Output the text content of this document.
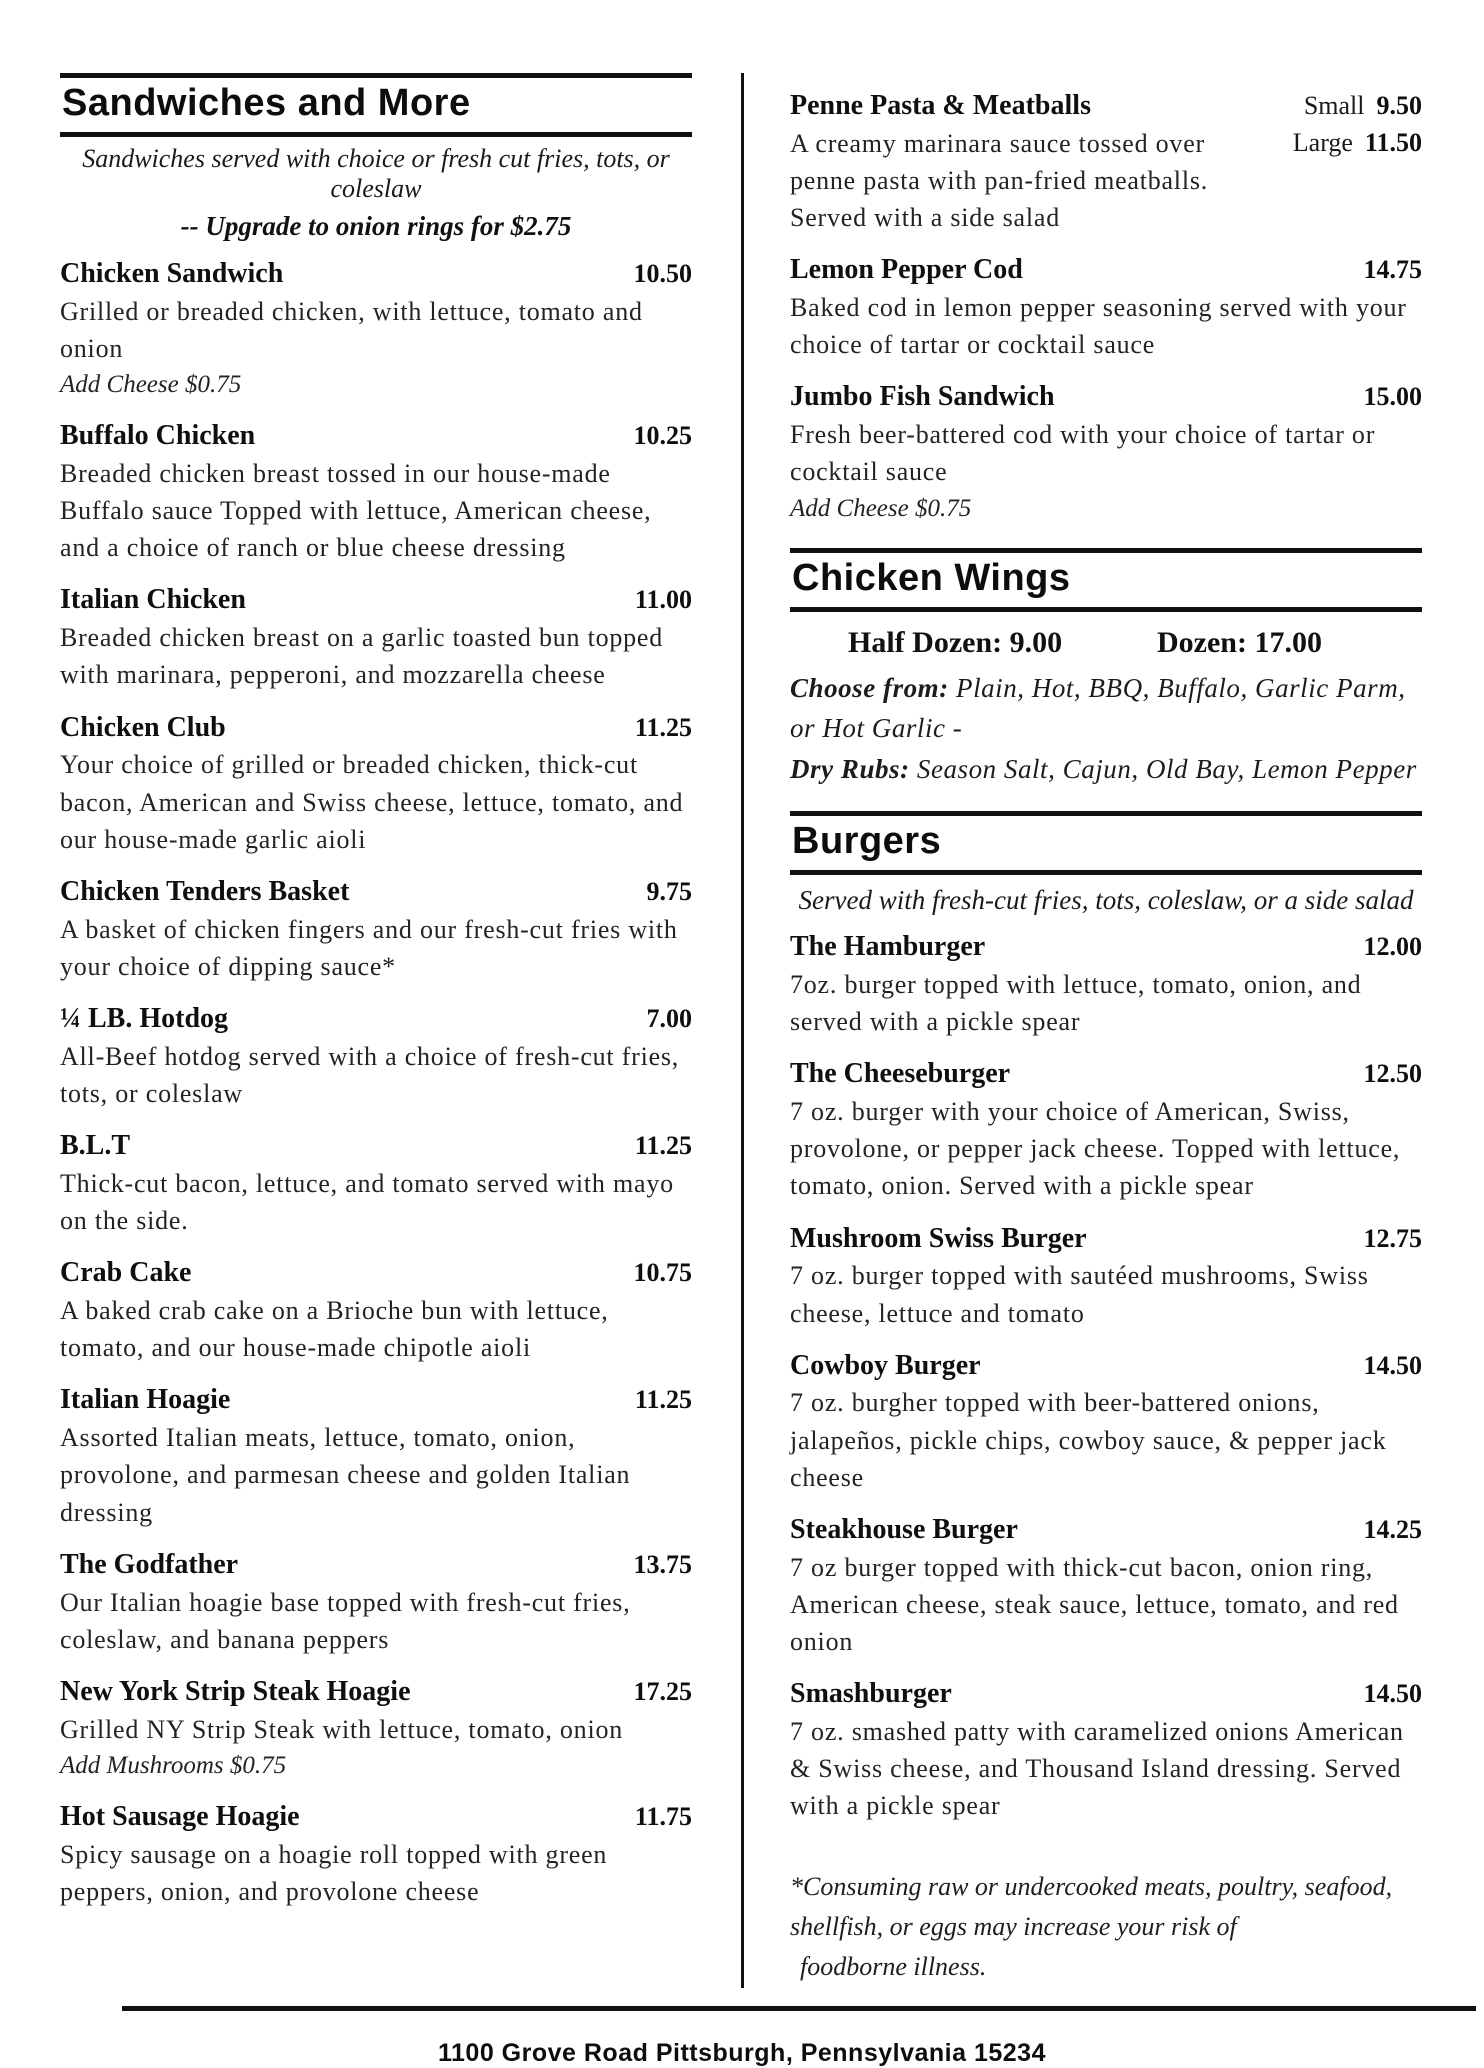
Sandwiches and More
Sandwiches served with choice or fresh cut fries, tots, or coleslaw
-- Upgrade to onion rings for $2.75
Chicken Sandwich	10.50
Grilled or breaded chicken, with lettuce, tomato and onion
Add Cheese $0.75
Buffalo Chicken	10.25
Breaded chicken breast tossed in our house-made Buffalo sauce Topped with lettuce, American cheese, and a choice of ranch or blue cheese dressing
Italian Chicken	11.00
Breaded chicken breast on a garlic toasted bun topped with marinara, pepperoni, and mozzarella cheese
Chicken Club	11.25
Your choice of grilled or breaded chicken, thick-cut bacon, American and Swiss cheese, lettuce, tomato, and our house-made garlic aioli
Chicken Tenders Basket	9.75
A basket of chicken fingers and our fresh-cut fries with your choice of dipping sauce*
¼ LB. Hotdog	7.00
All-Beef hotdog served with a choice of fresh-cut fries, tots, or coleslaw
B.L.T	11.25
Thick-cut bacon, lettuce, and tomato served with mayo on the side.
Crab Cake	10.75
A baked crab cake on a Brioche bun with lettuce, tomato, and our house-made chipotle aioli
Italian Hoagie	11.25
Assorted Italian meats, lettuce, tomato, onion, provolone, and parmesan cheese and golden Italian dressing
The Godfather	13.75
Our Italian hoagie base topped with fresh-cut fries, coleslaw, and banana peppers
New York Strip Steak Hoagie	17.25
Grilled NY Strip Steak with lettuce, tomato, onion
Add Mushrooms $0.75
Hot Sausage Hoagie	11.75
Spicy sausage on a hoagie roll topped with green peppers, onion, and provolone cheese
Penne Pasta & Meatballs	Small 9.50
A creamy marinara sauce tossed over penne pasta with pan-fried meatballs. Served with a side salad
Large 11.50
Lemon Pepper Cod	14.75
Baked cod in lemon pepper seasoning served with your choice of tartar or cocktail sauce
Jumbo Fish Sandwich	15.00
Fresh beer-battered cod with your choice of tartar or cocktail sauce
Add Cheese $0.75
Chicken Wings
Half Dozen: 9.00	Dozen: 17.00
Choose from: Plain, Hot, BBQ, Buffalo, Garlic Parm, or Hot Garlic -
Dry Rubs: Season Salt, Cajun, Old Bay, Lemon Pepper
Burgers
Served with fresh-cut fries, tots, coleslaw, or a side salad
The Hamburger	12.00
7oz. burger topped with lettuce, tomato, onion, and served with a pickle spear
The Cheeseburger	12.50
7 oz. burger with your choice of American, Swiss, provolone, or pepper jack cheese. Topped with lettuce, tomato, onion. Served with a pickle spear
Mushroom Swiss Burger	12.75
7 oz. burger topped with sautéed mushrooms, Swiss cheese, lettuce and tomato
Cowboy Burger	14.50
7 oz. burgher topped with beer-battered onions, jalapeños, pickle chips, cowboy sauce, & pepper jack cheese
Steakhouse Burger	14.25
7 oz burger topped with thick-cut bacon, onion ring, American cheese, steak sauce, lettuce, tomato, and red onion
Smashburger	14.50
7 oz. smashed patty with caramelized onions American & Swiss cheese, and Thousand Island dressing. Served with a pickle spear
*Consuming raw or undercooked meats, poultry, seafood,
shellfish, or eggs may increase your risk of
foodborne illness.
1100 Grove Road Pittsburgh, Pennsylvania 15234
